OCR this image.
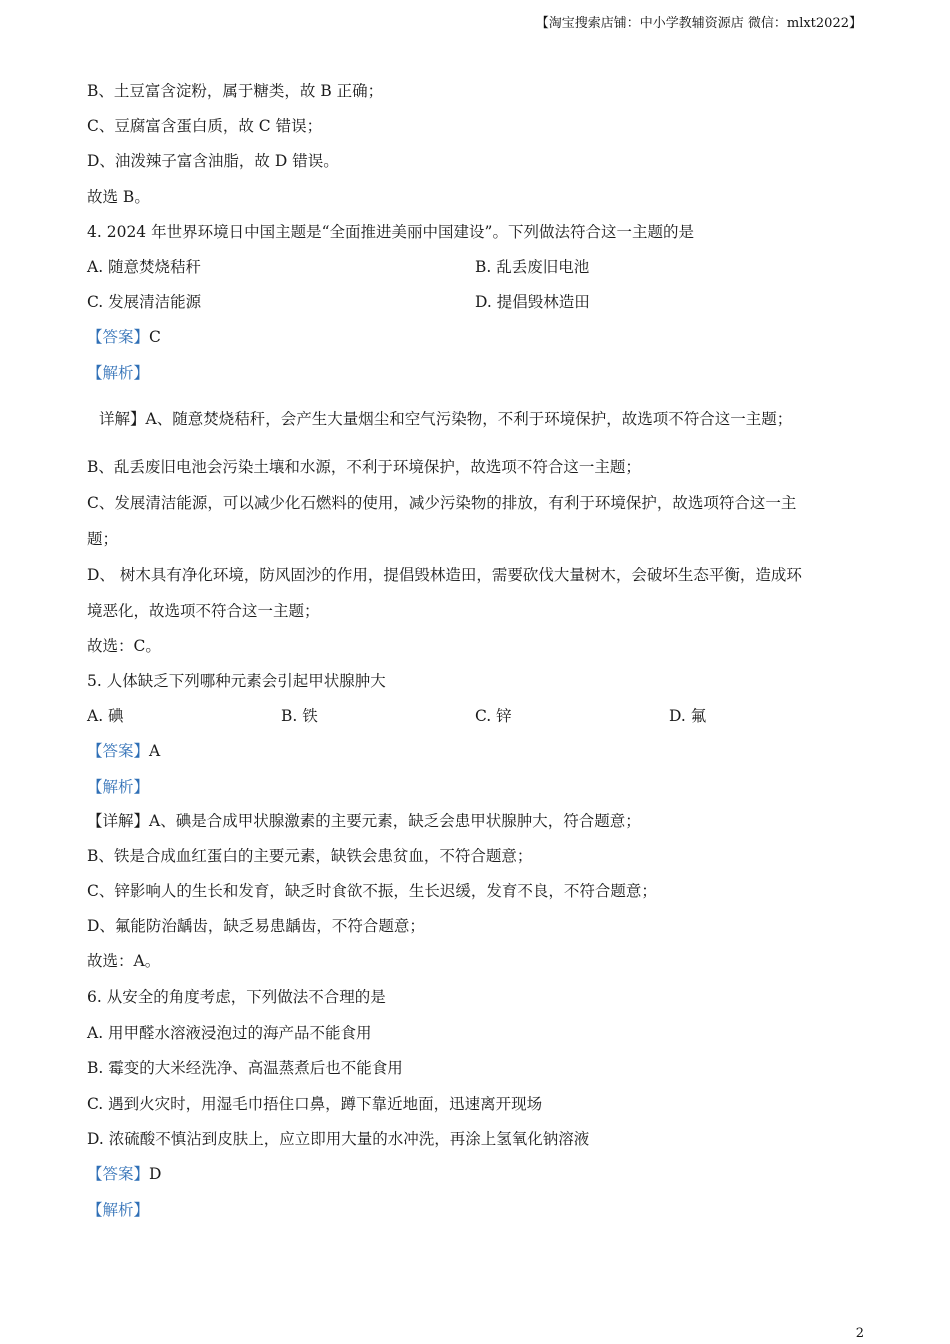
【淘宝搜索店铺：中小学教辅资源店 微信：mlxt2022】
B、土豆富含淀粉，属于糖类，故 B 正确；
C、豆腐富含蛋白质，故 C 错误；
D、油泼辣子富含油脂，故 D 错误。
故选 B。
4. 2024 年世界环境日中国主题是“全面推进美丽中国建设”。下列做法符合这一主题的是
A. 随意焚烧秸秆	B. 乱丢废旧电池
C. 发展清洁能源	D. 提倡毁林造田
【答案】C
【解析】
详解】A、随意焚烧秸秆，会产生大量烟尘和空气污染物，不利于环境保护，故选项不符合这一主题；
B、乱丢废旧电池会污染土壤和水源，不利于环境保护，故选项不符合这一主题；
C、发展清洁能源，可以减少化石燃料的使用，减少污染物的排放，有利于环境保护，故选项符合这一主
题；
D、 树木具有净化环境，防风固沙的作用，提倡毁林造田，需要砍伐大量树木，会破坏生态平衡，造成环
境恶化，故选项不符合这一主题；
故选：C。
5. 人体缺乏下列哪种元素会引起甲状腺肿大
A. 碘	B. 铁	C. 锌	D. 氟
【答案】A
【解析】
【详解】A、碘是合成甲状腺激素的主要元素，缺乏会患甲状腺肿大，符合题意；
B、铁是合成血红蛋白的主要元素，缺铁会患贫血，不符合题意；
C、锌影响人的生长和发育，缺乏时食欲不振，生长迟缓，发育不良，不符合题意；
D、氟能防治龋齿，缺乏易患龋齿，不符合题意；
故选：A。
6. 从安全的角度考虑，下列做法不合理的是
A. 用甲醛水溶液浸泡过的海产品不能食用
B. 霉变的大米经洗净、高温蒸煮后也不能食用
C. 遇到火灾时，用湿毛巾捂住口鼻，蹲下靠近地面，迅速离开现场
D. 浓硫酸不慎沾到皮肤上，应立即用大量的水冲洗，再涂上氢氧化钠溶液
【答案】D
【解析】
2
